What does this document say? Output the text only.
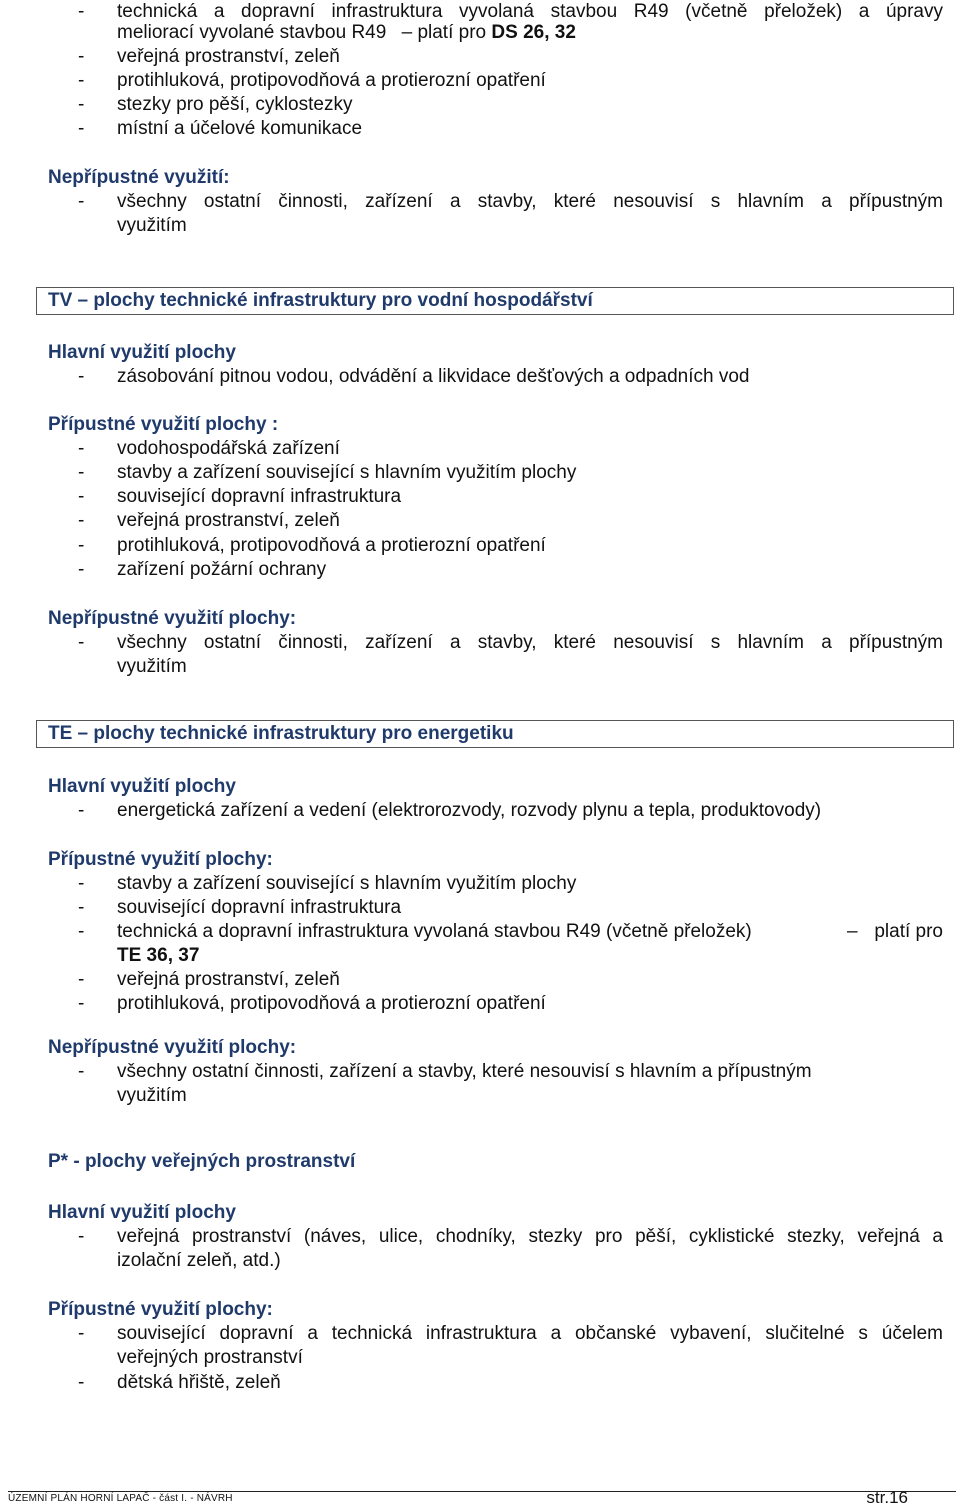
- technická a dopravní infrastruktura vyvolaná stavbou R49 (včetně přeložek) a úpravy
meliorací vyvolané stavbou R49 – platí pro DS 26, 32
- veřejná prostranství, zeleň
- protihluková, protipovodňová a protierozní opatření
- stezky pro pěší, cyklostezky
- místní a účelové komunikace
Nepřípustné využití:
- všechny ostatní činnosti, zařízení a stavby, které nesouvisí s hlavním a přípustným
využitím
TV – plochy technické infrastruktury pro vodní hospodářství
Hlavní využití plochy
- zásobování pitnou vodou, odvádění a likvidace dešťových a odpadních vod
Přípustné využití plochy :
- vodohospodářská zařízení
- stavby a zařízení související s hlavním využitím plochy
- související dopravní infrastruktura
- veřejná prostranství, zeleň
- protihluková, protipovodňová a protierozní opatření
- zařízení požární ochrany
Nepřípustné využití plochy:
- všechny ostatní činnosti, zařízení a stavby, které nesouvisí s hlavním a přípustným
využitím
TE – plochy technické infrastruktury pro energetiku
Hlavní využití plochy
- energetická zařízení a vedení (elektrorozvody, rozvody plynu a tepla, produktovody)
Přípustné využití plochy:
- stavby a zařízení související s hlavním využitím plochy
- související dopravní infrastruktura
- technická a dopravní infrastruktura vyvolaná stavbou R49 (včetně přeložek)	– platí pro
TE 36, 37
- veřejná prostranství, zeleň
- protihluková, protipovodňová a protierozní opatření
Nepřípustné využití plochy:
- všechny ostatní činnosti, zařízení a stavby, které nesouvisí s hlavním a přípustným
využitím
P* - plochy veřejných prostranství
Hlavní využití plochy
- veřejná prostranství (náves, ulice, chodníky, stezky pro pěší, cyklistické stezky, veřejná a
izolační zeleň, atd.)
Přípustné využití plochy:
- související dopravní a technická infrastruktura a občanské vybavení, slučitelné s účelem
veřejných prostranství
- dětská hřiště, zeleň
ÚZEMNÍ PLÁN HORNÍ LAPAČ - část I. - NÁVRH	str.16
